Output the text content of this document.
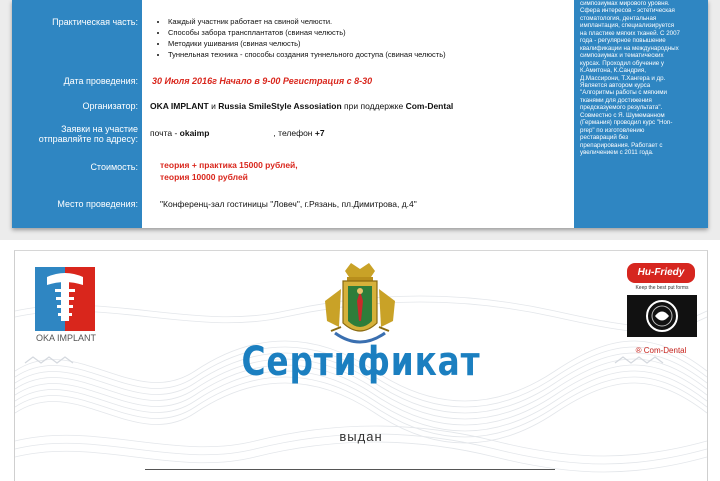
Практическая часть:
•	Каждый участник работает на свиной челюсти.
• Способы забора трансплантатов (свиная челюсть)
• Методики ушивания (свиная челюсть)
• Туннельная техника - способы создания туннельного доступа (свиная челюсть)
Дата проведения: 30 Июля 2016г Начало в 9-00 Регистрация с 8-30
Организатор: OKA IMPLANT и Russia SmileStyle Assosiation при поддержке Com-Dental
Заявки на участие
отправляйте по адресу:
почта - okaimp	, телефон +7
Стоимость:	теория + практика 15000 рублей,
теория 10000 рублей
Место проведения:	"Конференц-зал гостиницы "Ловеч", г.Рязань, пл.Димитрова, д.4"
симпозиумах мирового уровня.
Сфера интересов - эстетическая
стоматология, дентальная
имплантация, специализируется
на пластике мягких тканей. С 2007
года - регулярное повышение
квалификации на международных
симпозиумах и тематических
курсах. Проходил обучение у
К.Амитона, К.Сандрия,
Д.Массирони, Т.Хангера и др.
Является автором курса
"Алгоритмы работы с мягкими
тканями для достижения
предсказуемого результата".
Совместно с Я. Шумеманном
(Германия) проводил курс "Нon-
prep" по изготовлению
реставраций без
препарирования. Работает с
увеличением с 2011 года.
OKA IMPLANT
Сертификат
выдан
Hu-Friedy
Keep the best put forms
® Com-Dental
